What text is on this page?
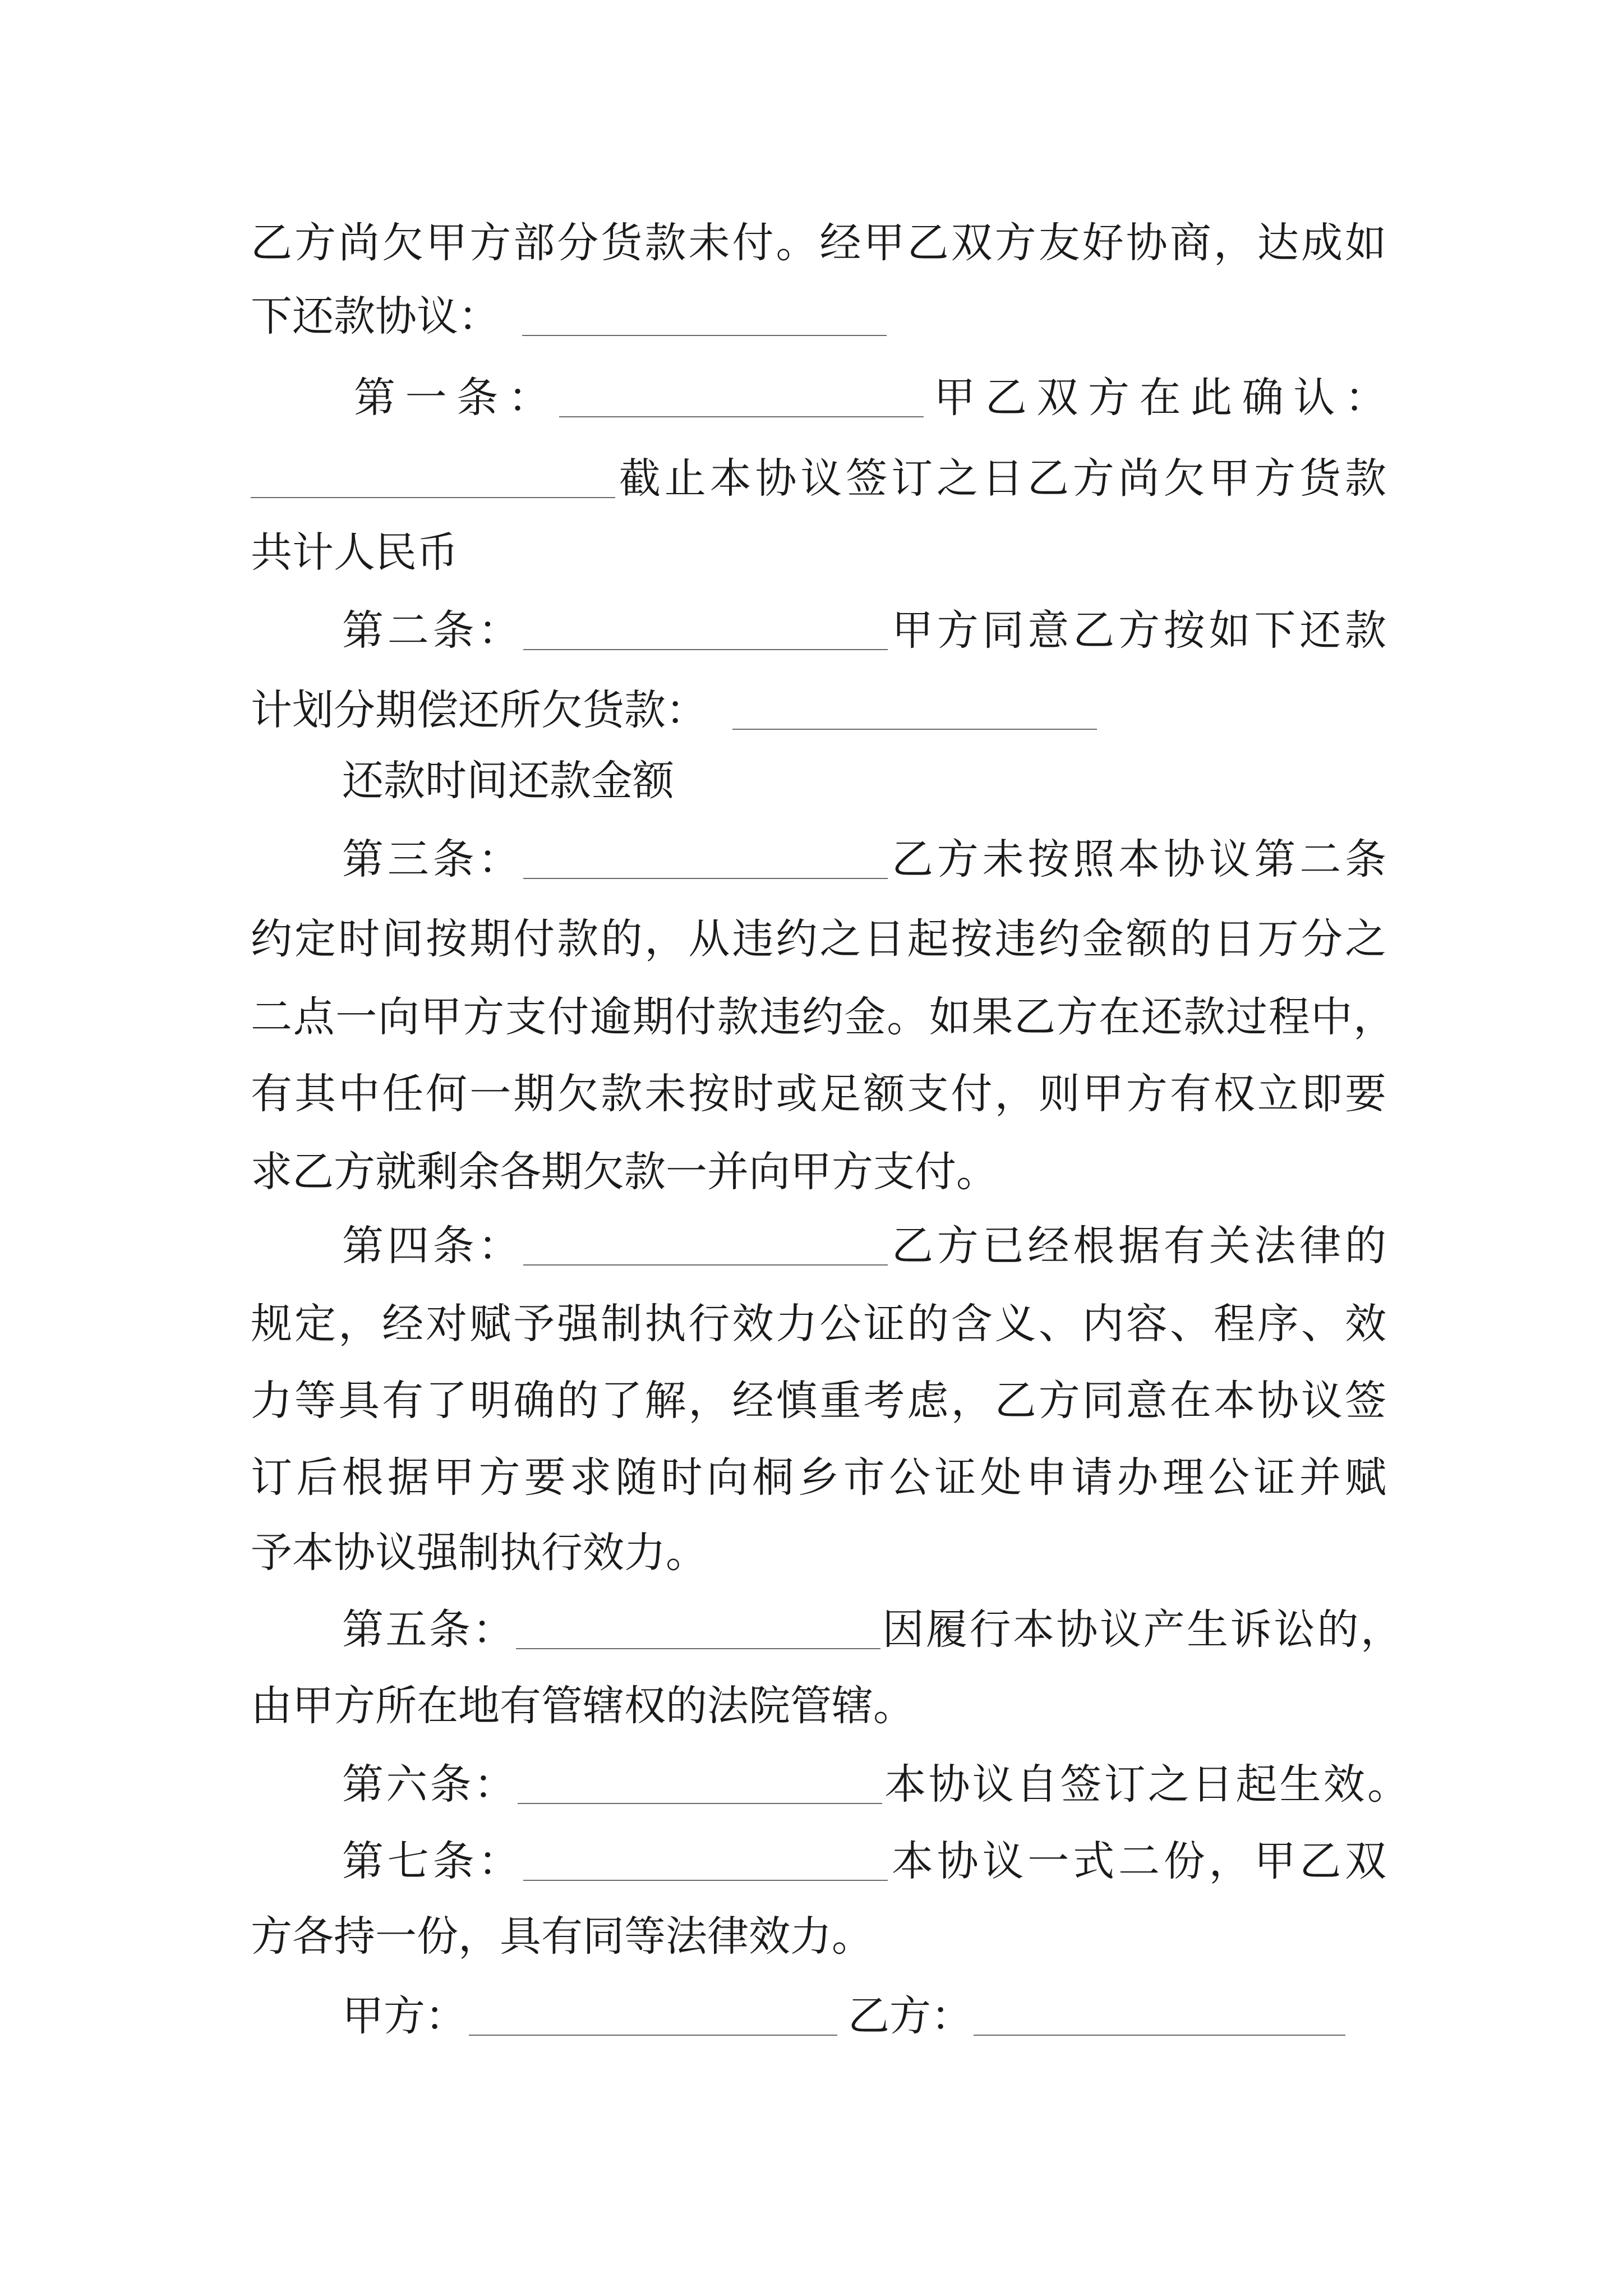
乙方尚欠甲方部分货款未付。经甲乙双方友好协商，达成如
下还款协议：
第一条：	甲乙双方在此确认：
截止本协议签订之日乙方尚欠甲方货款
共计人民币
第二条：	甲方同意乙方按如下还款
计划分期偿还所欠货款：
还款时间还款金额
第三条：	乙方未按照本协议第二条
约定时间按期付款的，从违约之日起按违约金额的日万分之
二点一向甲方支付逾期付款违约金。如果乙方在还款过程中，
有其中任何一期欠款未按时或足额支付，则甲方有权立即要
求乙方就剩余各期欠款一并向甲方支付。
第四条：	乙方已经根据有关法律的
规定，经对赋予强制执行效力公证的含义、内容、程序、效
力等具有了明确的了解，经慎重考虑，乙方同意在本协议签
订后根据甲方要求随时向桐乡市公证处申请办理公证并赋
予本协议强制执行效力。
第五条：	因履行本协议产生诉讼的，
由甲方所在地有管辖权的法院管辖。
第六条：	本协议自签订之日起生效。
第七条：	本协议一式二份，甲乙双
方各持一份，具有同等法律效力。
甲方：	乙方：
